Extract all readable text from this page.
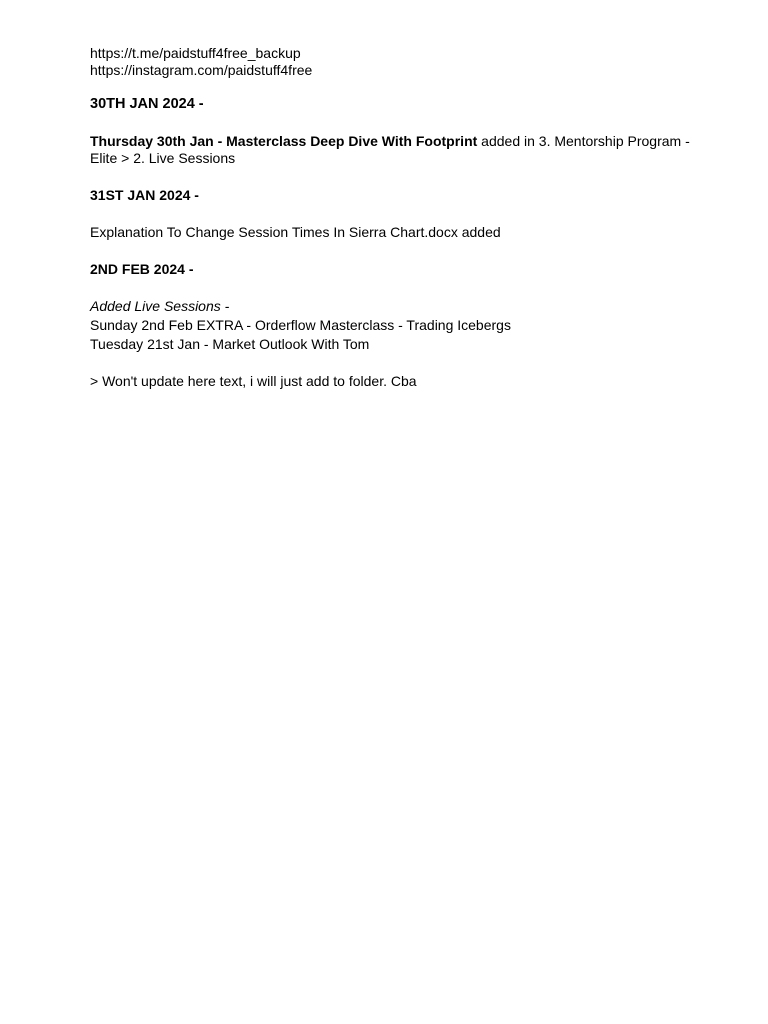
https://t.me/paidstuff4free_backup
https://instagram.com/paidstuff4free
30TH JAN 2024 -
Thursday 30th Jan - Masterclass Deep Dive With Footprint added in 3. Mentorship Program - Elite > 2. Live Sessions
31ST JAN 2024 -
Explanation To Change Session Times In Sierra Chart.docx added
2ND FEB 2024 -
Added Live Sessions -
Sunday 2nd Feb EXTRA - Orderflow Masterclass - Trading Icebergs
Tuesday 21st Jan - Market Outlook With Tom
> Won't update here text, i will just add to folder. Cba
